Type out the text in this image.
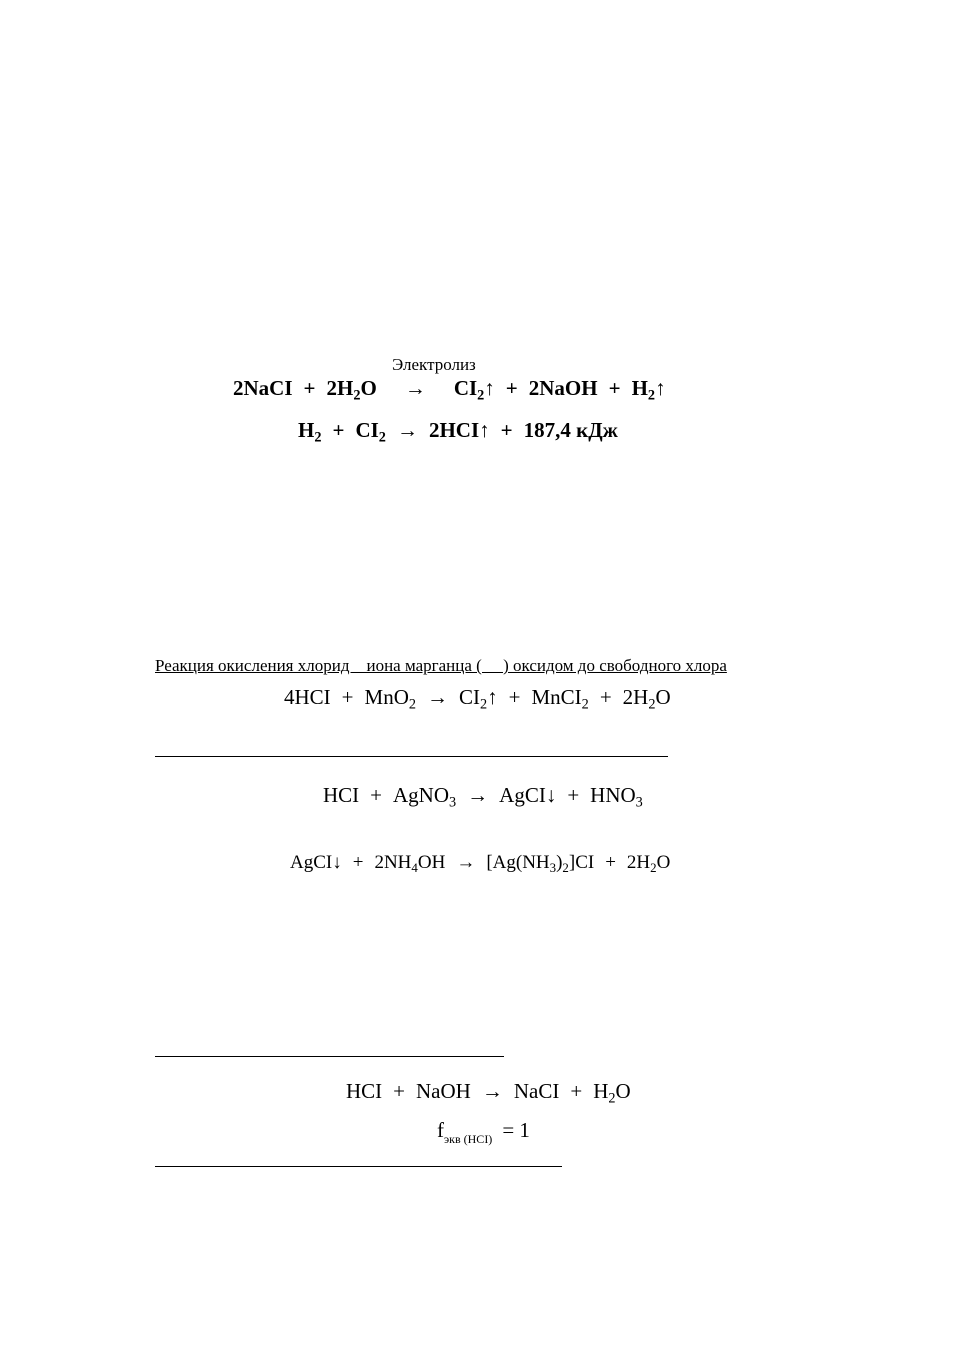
Электролиз
2NaCI + $2H_2O$ → $CI_2↑$ + 2NaOH + $H_2↑$
$H_2 + CI_2$ → 2HCI↑ + 187,4 кДж
Реакция окисления хлорид    иона марганца (     ) оксидом до свободного хлора
$4HCI + MnO_2 \to CI_2↑$ + MnCI$_2$ + $2H_2O$
HCI + AgNO$_3$ → AgCI↓ + $HNO_3$
AgCI↓ + $2NH_4OH \to [Ag(NH_3)_2]CI + 2H_2O$
HCI + NaOH → NaCI + $H_2O$
$f_{экв (HCI)} = 1$
